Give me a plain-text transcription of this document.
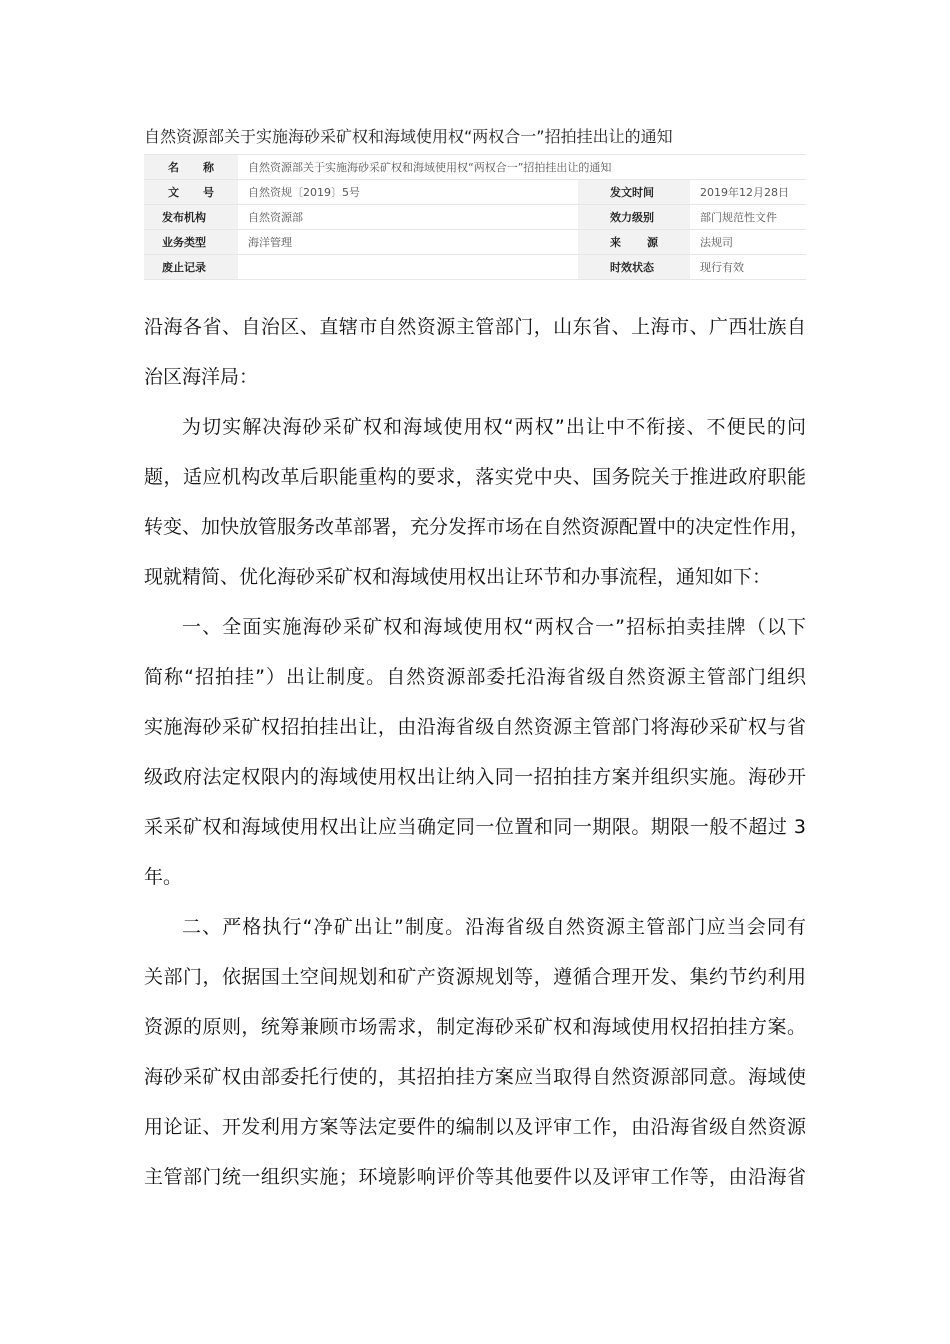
自然资源部关于实施海砂采矿权和海域使用权“两权合一”招拍挂出让的通知
名 称	自然资源部关于实施海砂采矿权和海域使用权“两权合一”招拍挂出让的通知		

文 号	自然资规〔2019〕5号	发文时间	2019年12月28日
发布机构	自然资源部	效力级别	部门规范性文件
业务类型	海洋管理	来 源	法规司
废止记录		时效状态	现行有效

沿海各省、自治区、直辖市自然资源主管部门，山东省、上海市、广西壮族自
治区海洋局：

为切实解决海砂采矿权和海域使用权“两权”出让中不衔接、不便民的问
题，适应机构改革后职能重构的要求，落实党中央、国务院关于推进政府职能
转变、加快放管服务改革部署，充分发挥市场在自然资源配置中的决定性作用，
现就精简、优化海砂采矿权和海域使用权出让环节和办事流程，通知如下：

一、全面实施海砂采矿权和海域使用权“两权合一”招标拍卖挂牌（以下
简称“招拍挂”）出让制度。自然资源部委托沿海省级自然资源主管部门组织
实施海砂采矿权招拍挂出让，由沿海省级自然资源主管部门将海砂采矿权与省
级政府法定权限内的海域使用权出让纳入同一招拍挂方案并组织实施。海砂开
采采矿权和海域使用权出让应当确定同一位置和同一期限。期限一般不超过 3
年。

二、严格执行“净矿出让”制度。沿海省级自然资源主管部门应当会同有
关部门，依据国土空间规划和矿产资源规划等，遵循合理开发、集约节约利用
资源的原则，统筹兼顾市场需求，制定海砂采矿权和海域使用权招拍挂方案。
海砂采矿权由部委托行使的，其招拍挂方案应当取得自然资源部同意。海域使
用论证、开发利用方案等法定要件的编制以及评审工作，由沿海省级自然资源
主管部门统一组织实施；环境影响评价等其他要件以及评审工作等，由沿海省
